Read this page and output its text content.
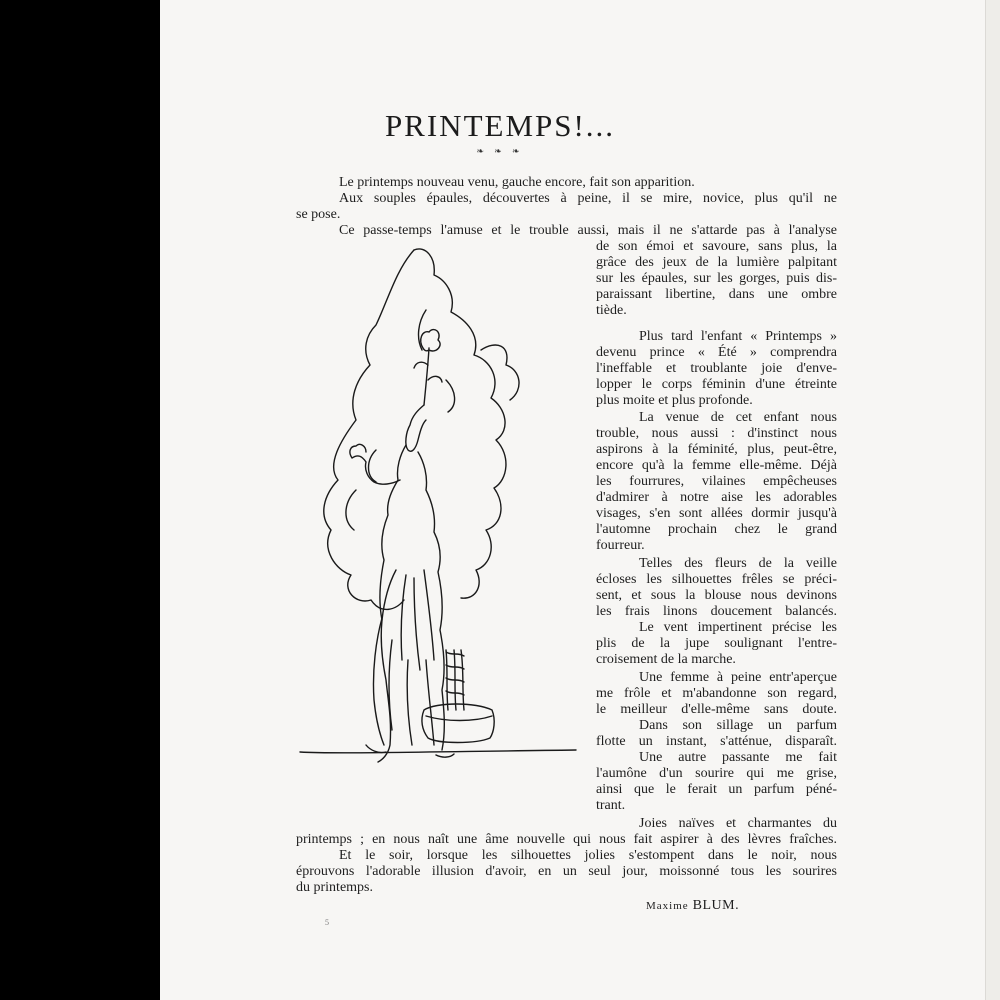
PRINTEMPS!...
❧ ❧ ❧
Le printemps nouveau venu, gauche encore, fait son apparition.
Aux souples épaules, découvertes à peine, il se mire, novice, plus qu'il ne
se pose.
Ce passe-temps l'amuse et le trouble aussi, mais il ne s'attarde pas à l'analyse
de son émoi et savoure, sans plus, la
grâce des jeux de la lumière palpitant
sur les épaules, sur les gorges, puis dis-
paraissant libertine, dans une ombre
tiède.
Plus tard l'enfant « Printemps »
devenu prince « Été » comprendra
l'ineffable et troublante joie d'enve-
lopper le corps féminin d'une étreinte
plus moite et plus profonde.
La venue de cet enfant nous
trouble, nous aussi : d'instinct nous
aspirons à la féminité, plus, peut-être,
encore qu'à la femme elle-même. Déjà
les fourrures, vilaines empêcheuses
d'admirer à notre aise les adorables
visages, s'en sont allées dormir jusqu'à
l'automne prochain chez le grand
fourreur.
Telles des fleurs de la veille
écloses les silhouettes frêles se préci-
sent, et sous la blouse nous devinons
les frais linons doucement balancés.
Le vent impertinent précise les
plis de la jupe soulignant l'entre-
croisement de la marche.
Une femme à peine entr'aperçue
me frôle et m'abandonne son regard,
le meilleur d'elle-même sans doute.
Dans son sillage un parfum
flotte un instant, s'atténue, disparaît.
Une autre passante me fait
l'aumône d'un sourire qui me grise,
ainsi que le ferait un parfum péné-
trant.
Joies naïves et charmantes du
printemps ; en nous naît une âme nouvelle qui nous fait aspirer à des lèvres fraîches.
Et le soir, lorsque les silhouettes jolies s'estompent dans le noir, nous
éprouvons l'adorable illusion d'avoir, en un seul jour, moissonné tous les sourires
du printemps.
Maxime BLUM.
5
